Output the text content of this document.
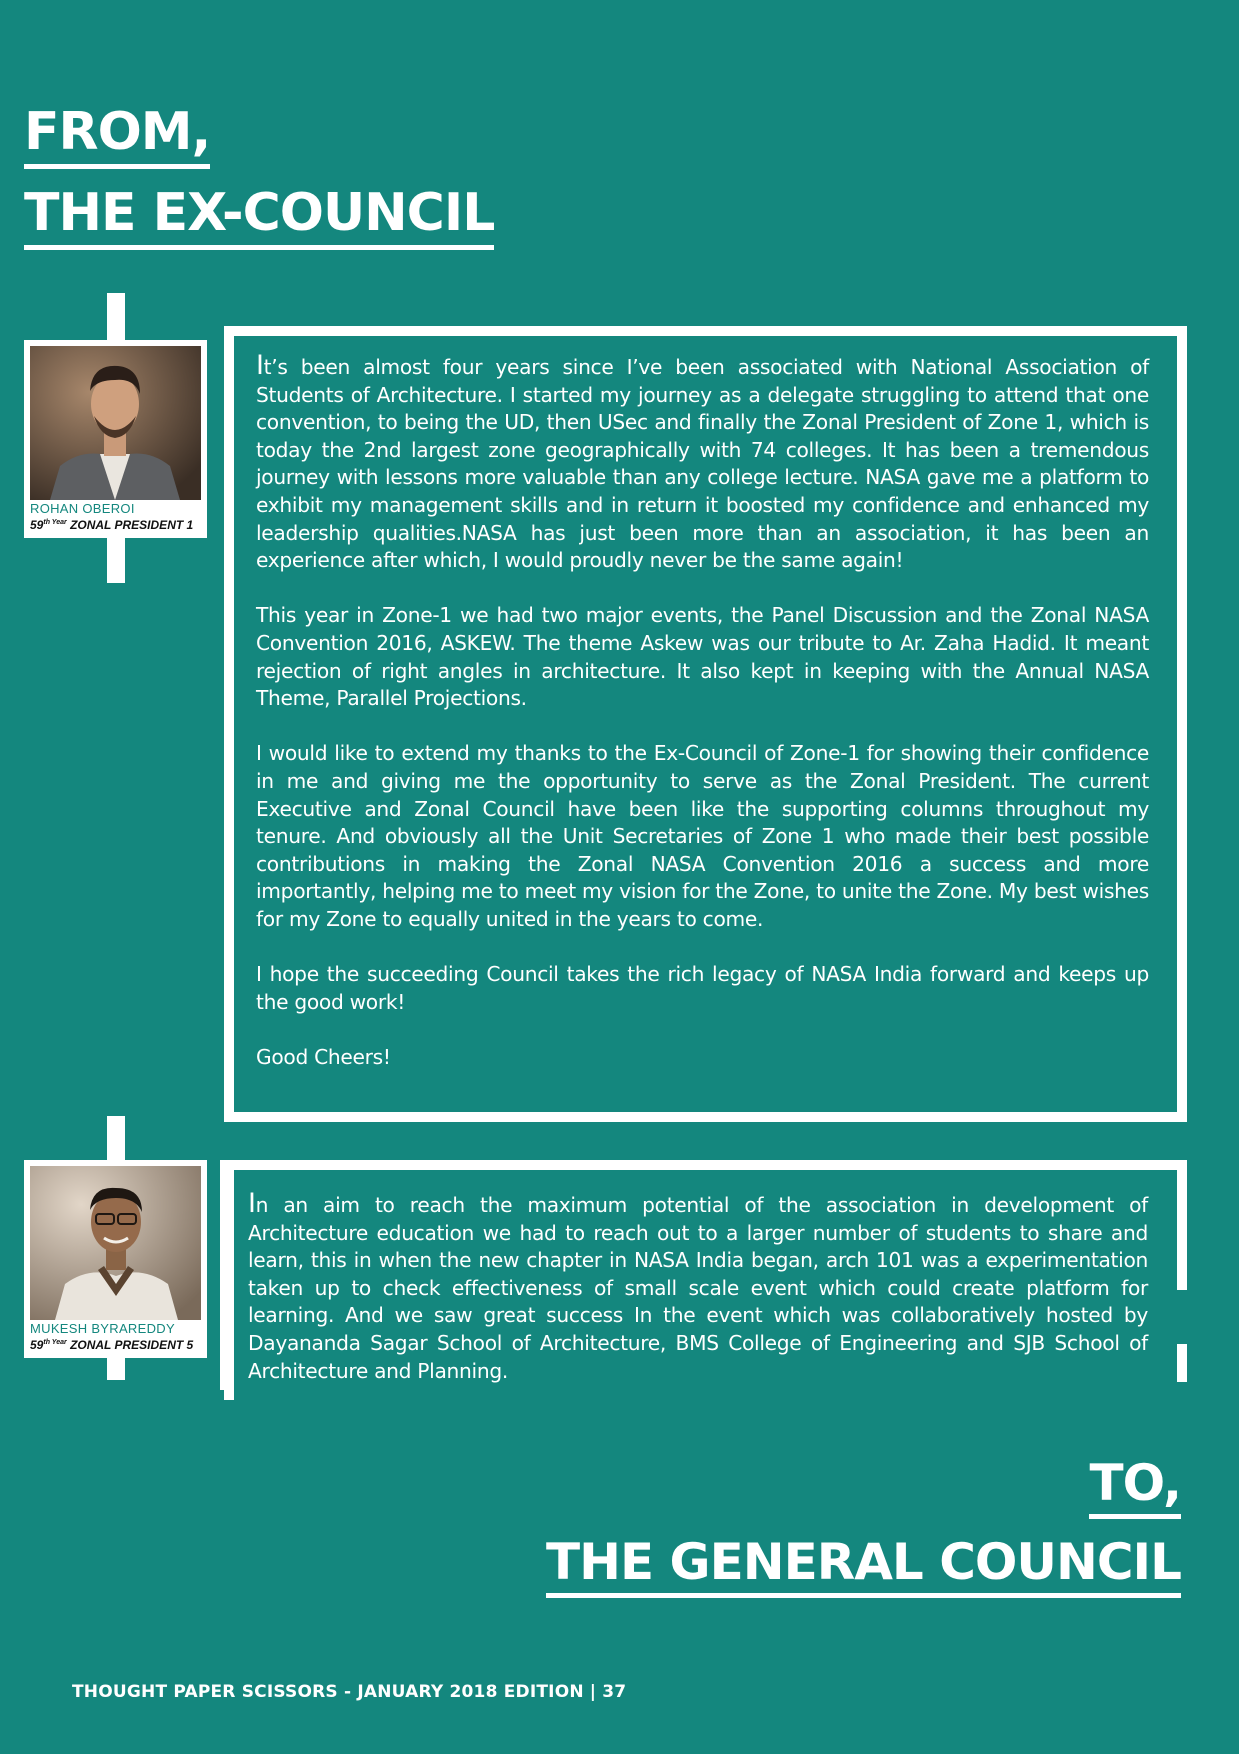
FROM,
THE EX-COUNCIL
ROHAN OBEROI
$59^{th Year}$ ZONAL PRESIDENT 1

It’s been almost four years since I’ve been associated with National Association of Students of Architecture. I started my journey as a delegate struggling to attend that one convention, to being the UD, then USec and finally the Zonal President of Zone 1, which is today the 2nd largest zone geographically with 74 colleges. It has been a tremendous journey with lessons more valuable than any college lecture. NASA gave me a platform to exhibit my management skills and in return it boosted my confidence and enhanced my leadership qualities.NASA has just been more than an association, it has been an experience after which, I would proudly never be the same again!

This year in Zone-1 we had two major events, the Panel Discussion and the Zonal NASA Convention 2016, ASKEW. The theme Askew was our tribute to Ar. Zaha Hadid. It meant rejection of right angles in architecture. It also kept in keeping with the Annual NASA Theme, Parallel Projections.

I would like to extend my thanks to the Ex-Council of Zone-1 for showing their confidence in me and giving me the opportunity to serve as the Zonal President. The current Executive and Zonal Council have been like the supporting columns throughout my tenure. And obviously all the Unit Secretaries of Zone 1 who made their best possible contributions in making the Zonal NASA Convention 2016 a success and more importantly, helping me to meet my vision for the Zone, to unite the Zone. My best wishes for my Zone to equally united in the years to come.

I hope the succeeding Council takes the rich legacy of NASA India forward and keeps up the good work!

Good Cheers!

MUKESH BYRAREDDY
$59^{th Year}$ ZONAL PRESIDENT 5

In an aim to reach the maximum potential of the association in development of Architecture education we had to reach out to a larger number of students to share and learn, this in when the new chapter in NASA India began, arch 101 was a experimentation taken up to check effectiveness of small scale event which could create platform for learning. And we saw great success In the event which was collaboratively hosted by Dayananda Sagar School of Architecture, BMS College of Engineering and SJB School of Architecture and Planning.

TO,
THE GENERAL COUNCIL
THOUGHT PAPER SCISSORS - JANUARY 2018 EDITION | 37
